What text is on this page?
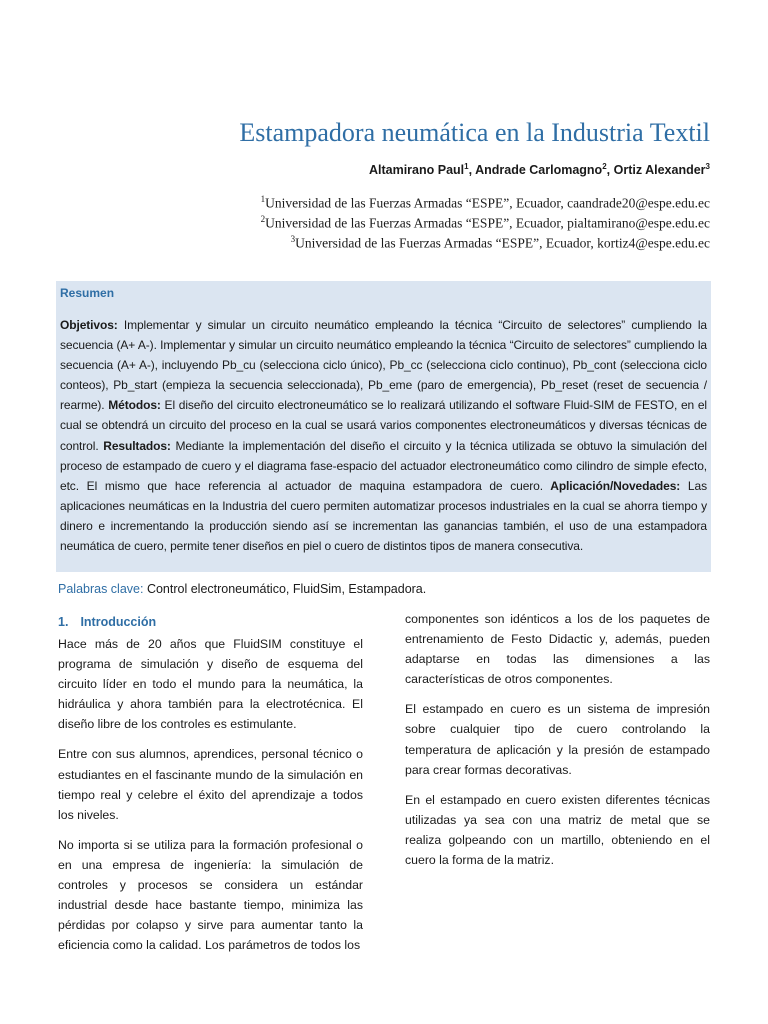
Estampadora neumática en la Industria Textil
Altamirano Paul$^1$, Andrade Carlomagno$^2$, Ortiz Alexander$^3$
$^1$Universidad de las Fuerzas Armadas “ESPE”, Ecuador, caandrade20@espe.edu.ec
$^2$Universidad de las Fuerzas Armadas “ESPE”, Ecuador, pialtamirano@espe.edu.ec
$^3$Universidad de las Fuerzas Armadas “ESPE”, Ecuador, kortiz4@espe.edu.ec
Resumen
Objetivos: Implementar y simular un circuito neumático empleando la técnica “Circuito de selectores” cumpliendo la secuencia (A+ A-). Implementar y simular un circuito neumático empleando la técnica “Circuito de selectores” cumpliendo la secuencia (A+ A-), incluyendo Pb_cu (selecciona ciclo único), Pb_cc (selecciona ciclo continuo), Pb_cont (selecciona ciclo conteos), Pb_start (empieza la secuencia seleccionada), Pb_eme (paro de emergencia), Pb_reset (reset de secuencia / rearme). Métodos: El diseño del circuito electroneumático se lo realizará utilizando el software Fluid-SIM de FESTO, en el cual se obtendrá un circuito del proceso en la cual se usará varios componentes electroneumáticos y diversas técnicas de control. Resultados: Mediante la implementación del diseño el circuito y la técnica utilizada se obtuvo la simulación del proceso de estampado de cuero y el diagrama fase-espacio del actuador electroneumático como cilindro de simple efecto, etc. El mismo que hace referencia al actuador de maquina estampadora de cuero. Aplicación/Novedades: Las aplicaciones neumáticas en la Industria del cuero permiten automatizar procesos industriales en la cual se ahorra tiempo y dinero e incrementando la producción siendo así se incrementan las ganancias también, el uso de una estampadora neumática de cuero, permite tener diseños en piel o cuero de distintos tipos de manera consecutiva.
Palabras clave: Control electroneumático, FluidSim, Estampadora.
1. Introducción

Hace más de 20 años que FluidSIM constituye el programa de simulación y diseño de esquema del circuito líder en todo el mundo para la neumática, la hidráulica y ahora también para la electrotécnica. El diseño libre de los controles es estimulante.

Entre con sus alumnos, aprendices, personal técnico o estudiantes en el fascinante mundo de la simulación en tiempo real y celebre el éxito del aprendizaje a todos los niveles.

No importa si se utiliza para la formación profesional o en una empresa de ingeniería: la simulación de controles y procesos se considera un estándar industrial desde hace bastante tiempo, minimiza las pérdidas por colapso y sirve para aumentar tanto la eficiencia como la calidad. Los parámetros de todos los

componentes son idénticos a los de los paquetes de entrenamiento de Festo Didactic y, además, pueden adaptarse en todas las dimensiones a las características de otros componentes.

El estampado en cuero es un sistema de impresión sobre cualquier tipo de cuero controlando la temperatura de aplicación y la presión de estampado para crear formas decorativas.

En el estampado en cuero existen diferentes técnicas utilizadas ya sea con una matriz de metal que se realiza golpeando con un martillo, obteniendo en el cuero la forma de la matriz.
